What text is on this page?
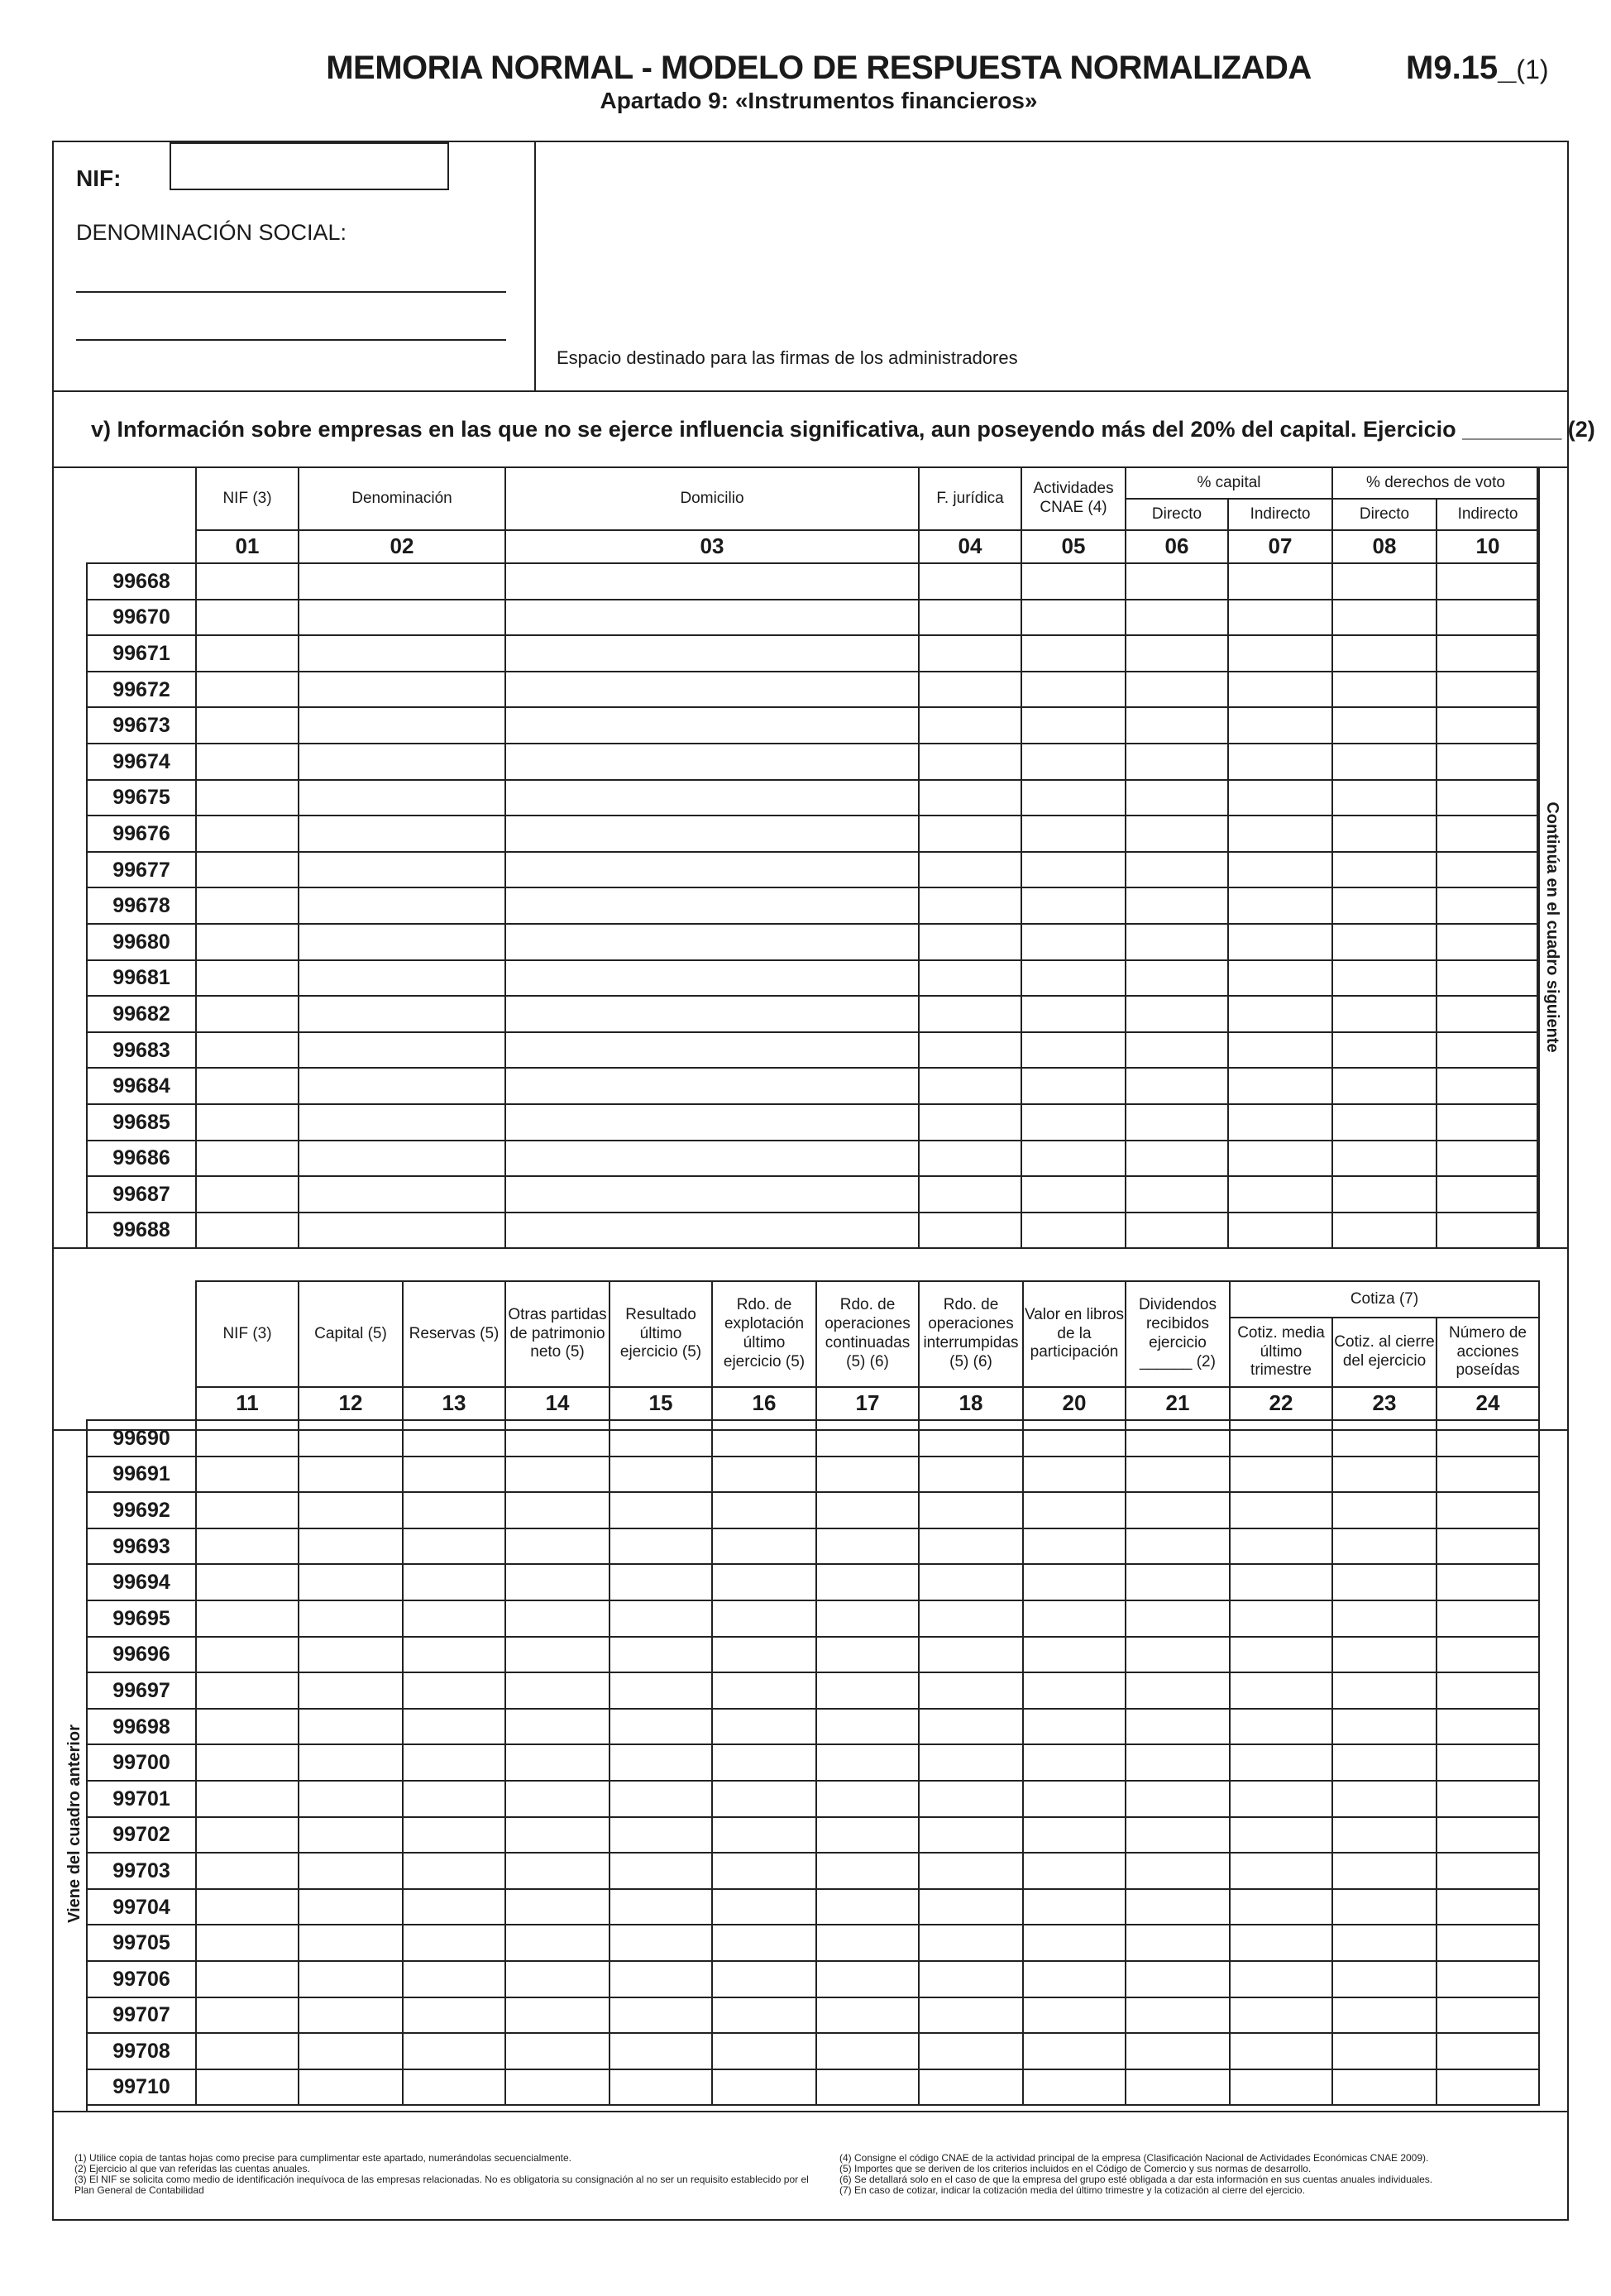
MEMORIA NORMAL - MODELO DE RESPUESTA NORMALIZADA
Apartado 9: «Instrumentos financieros»
M9.15_(1)
NIF:
DENOMINACIÓN SOCIAL:
Espacio destinado para las firmas de los administradores
v) Información sobre empresas en las que no se ejerce influencia significativa, aun poseyendo más del 20% del capital. Ejercicio ________ (2)
	NIF (3)	Denominación	Domicilio	F. jurídica	Actividades CNAE (4)	% capital		% derechos de voto	
						Directo	Indirecto	Directo	Indirecto
	01	02	03	04	05	06	07	08	10
99668									
99670									
99671									
99672									
99673									
99674									
99675									
99676									
99677									
99678									
99680									
99681									
99682									
99683									
99684									
99685									
99686									
99687									
99688									
Continúa en el cuadro siguiente
	NIF (3)	Capital (5)	Reservas (5)	Otras partidas de patrimonio neto (5)	Resultado último ejercicio (5)	Rdo. de explotación último ejercicio (5)	Rdo. de operaciones continuadas (5) (6)	Rdo. de operaciones interrumpidas (5) (6)	Valor en libros de la participación	Dividendos recibidos ejercicio ______ (2)	Cotiza (7)		
											Cotiz. media último trimestre	Cotiz. al cierre del ejercicio	Número de acciones poseídas
	11	12	13	14	15	16	17	18	20	21	22	23	24
99690													
99691													
99692													
99693													
99694													
99695													
99696													
99697													
99698													
99700													
99701													
99702													
99703													
99704													
99705													
99706													
99707													
99708													
99710													
Viene del cuadro anterior
(1) Utilice copia de tantas hojas como precise para cumplimentar este apartado, numerándolas secuencialmente.
(2) Ejercicio al que van referidas las cuentas anuales.
(3) El NIF se solicita como medio de identificación inequívoca de las empresas relacionadas. No es obligatoria su consignación al no ser un requisito establecido por el Plan General de Contabilidad
(4) Consigne el código CNAE de la actividad principal de la empresa (Clasificación Nacional de Actividades Económicas CNAE 2009).
(5) Importes que se deriven de los criterios incluidos en el Código de Comercio y sus normas de desarrollo.
(6) Se detallará solo en el caso de que la empresa del grupo esté obligada a dar esta información en sus cuentas anuales individuales.
(7) En caso de cotizar, indicar la cotización media del último trimestre y la cotización al cierre del ejercicio.
